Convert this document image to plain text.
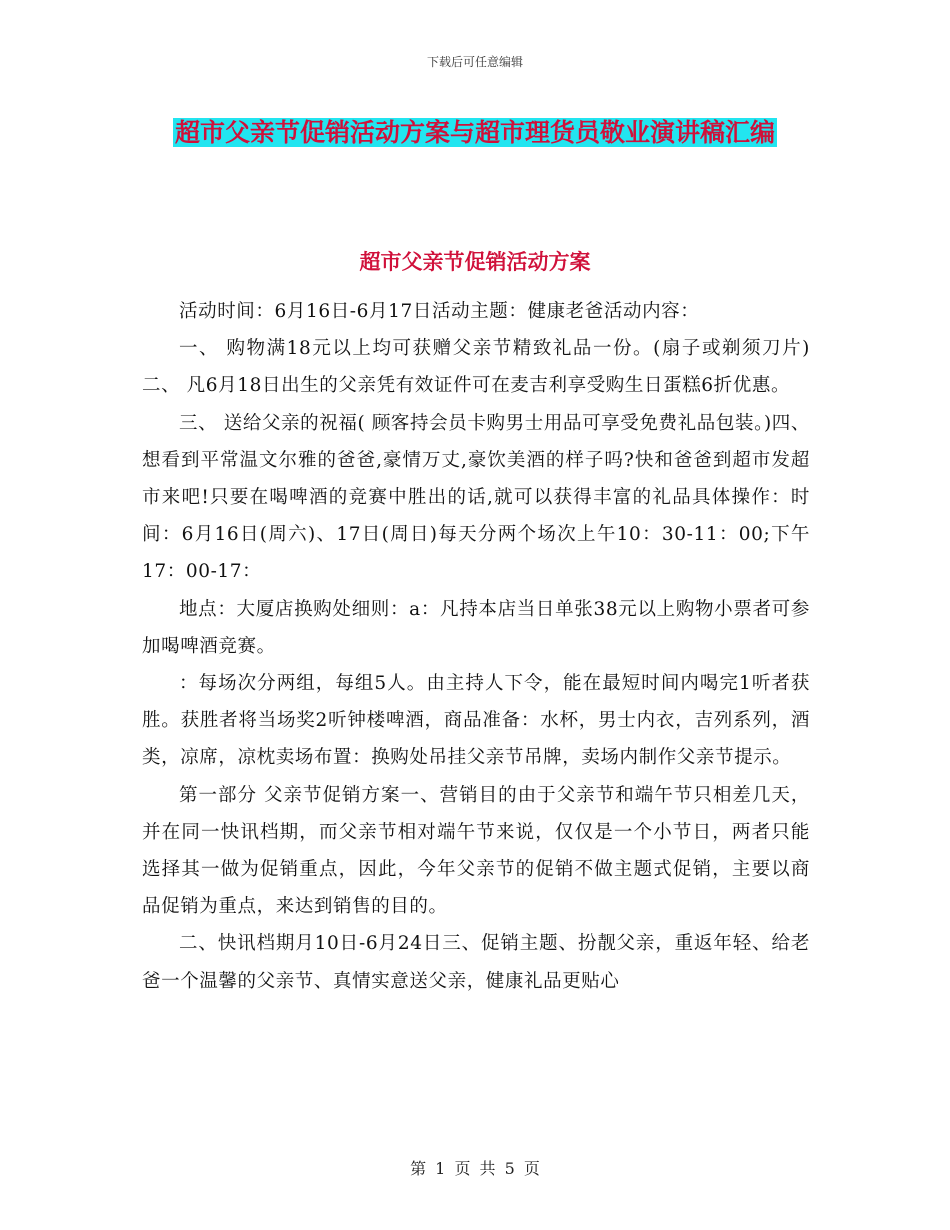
下载后可任意编辑
超市父亲节促销活动方案与超市理货员敬业演讲稿汇编
超市父亲节促销活动方案

活动时间：6月16日-6月17日活动主题：健康老爸活动内容：

一、 购物满18元以上均可获赠父亲节精致礼品一份。(扇子或剃须刀片)二、 凡6月18日出生的父亲凭有效证件可在麦吉利享受购生日蛋糕6折优惠。

三、 送给父亲的祝福( 顾客持会员卡购男士用品可享受免费礼品包装。)四、 想看到平常温文尔雅的爸爸,豪情万丈,豪饮美酒的样子吗?快和爸爸到超市发超市来吧!只要在喝啤酒的竞赛中胜出的话,就可以获得丰富的礼品具体操作：时间：6月16日(周六)、17日(周日)每天分两个场次上午10：30-11：00;下午17：00-17：

地点：大厦店换购处细则：a：凡持本店当日单张38元以上购物小票者可参加喝啤酒竞赛。

：每场次分两组，每组5人。由主持人下令，能在最短时间内喝完1听者获胜。获胜者将当场奖2听钟楼啤酒，商品准备：水杯，男士内衣，吉列系列，酒类，凉席，凉枕卖场布置：换购处吊挂父亲节吊牌，卖场内制作父亲节提示。

第一部分 父亲节促销方案一、营销目的由于父亲节和端午节只相差几天，并在同一快讯档期，而父亲节相对端午节来说，仅仅是一个小节日，两者只能选择其一做为促销重点，因此，今年父亲节的促销不做主题式促销，主要以商品促销为重点，来达到销售的目的。

二、快讯档期月10日-6月24日三、促销主题、扮靓父亲，重返年轻、给老爸一个温馨的父亲节、真情实意送父亲，健康礼品更贴心

第 1 页 共 5 页
